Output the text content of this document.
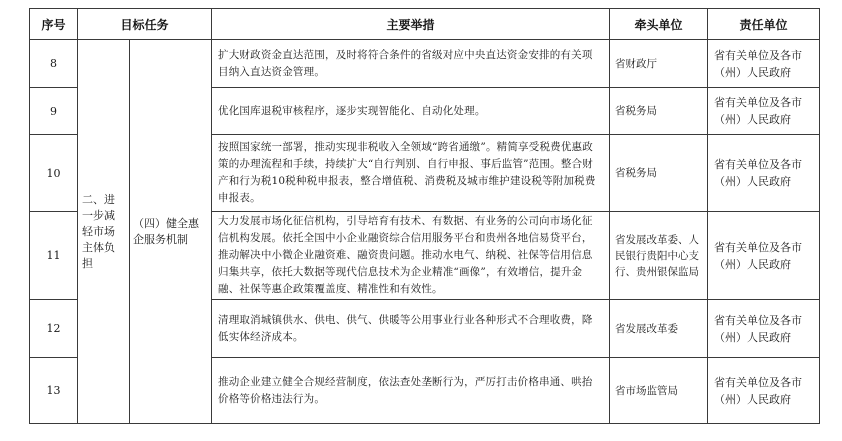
序号	目标任务		主要举措	牵头单位	责任单位
8	二、进一步减轻市场主体负担	（四）健全惠企服务机制	扩大财政资金直达范围，及时将符合条件的省级对应中央直达资金安排的有关项目纳入直达资金管理。	省财政厅	省有关单位及各市（州）人民政府
9			优化国库退税审核程序，逐步实现智能化、自动化处理。	省税务局	省有关单位及各市（州）人民政府
10			按照国家统一部署，推动实现非税收入全领域“跨省通缴”。精简享受税费优惠政策的办理流程和手续，持续扩大“自行判别、自行申报、事后监管”范围。整合财产和行为税10税种税申报表，整合增值税、消费税及城市维护建设税等附加税费申报表。	省税务局	省有关单位及各市（州）人民政府
11			大力发展市场化征信机构，引导培育有技术、有数据、有业务的公司向市场化征信机构发展。依托全国中小企业融资综合信用服务平台和贵州各地信易贷平台，推动解决中小微企业融资难、融资贵问题。推动水电气、纳税、社保等信用信息归集共享，依托大数据等现代信息技术为企业精准“画像”，有效增信，提升金融、社保等惠企政策覆盖度、精准性和有效性。	省发展改革委、人民银行贵阳中心支行、贵州银保监局	省有关单位及各市（州）人民政府
12			清理取消城镇供水、供电、供气、供暖等公用事业行业各种形式不合理收费，降低实体经济成本。	省发展改革委	省有关单位及各市（州）人民政府
13			推动企业建立健全合规经营制度，依法查处垄断行为，严厉打击价格串通、哄抬价格等价格违法行为。	省市场监管局	省有关单位及各市（州）人民政府
